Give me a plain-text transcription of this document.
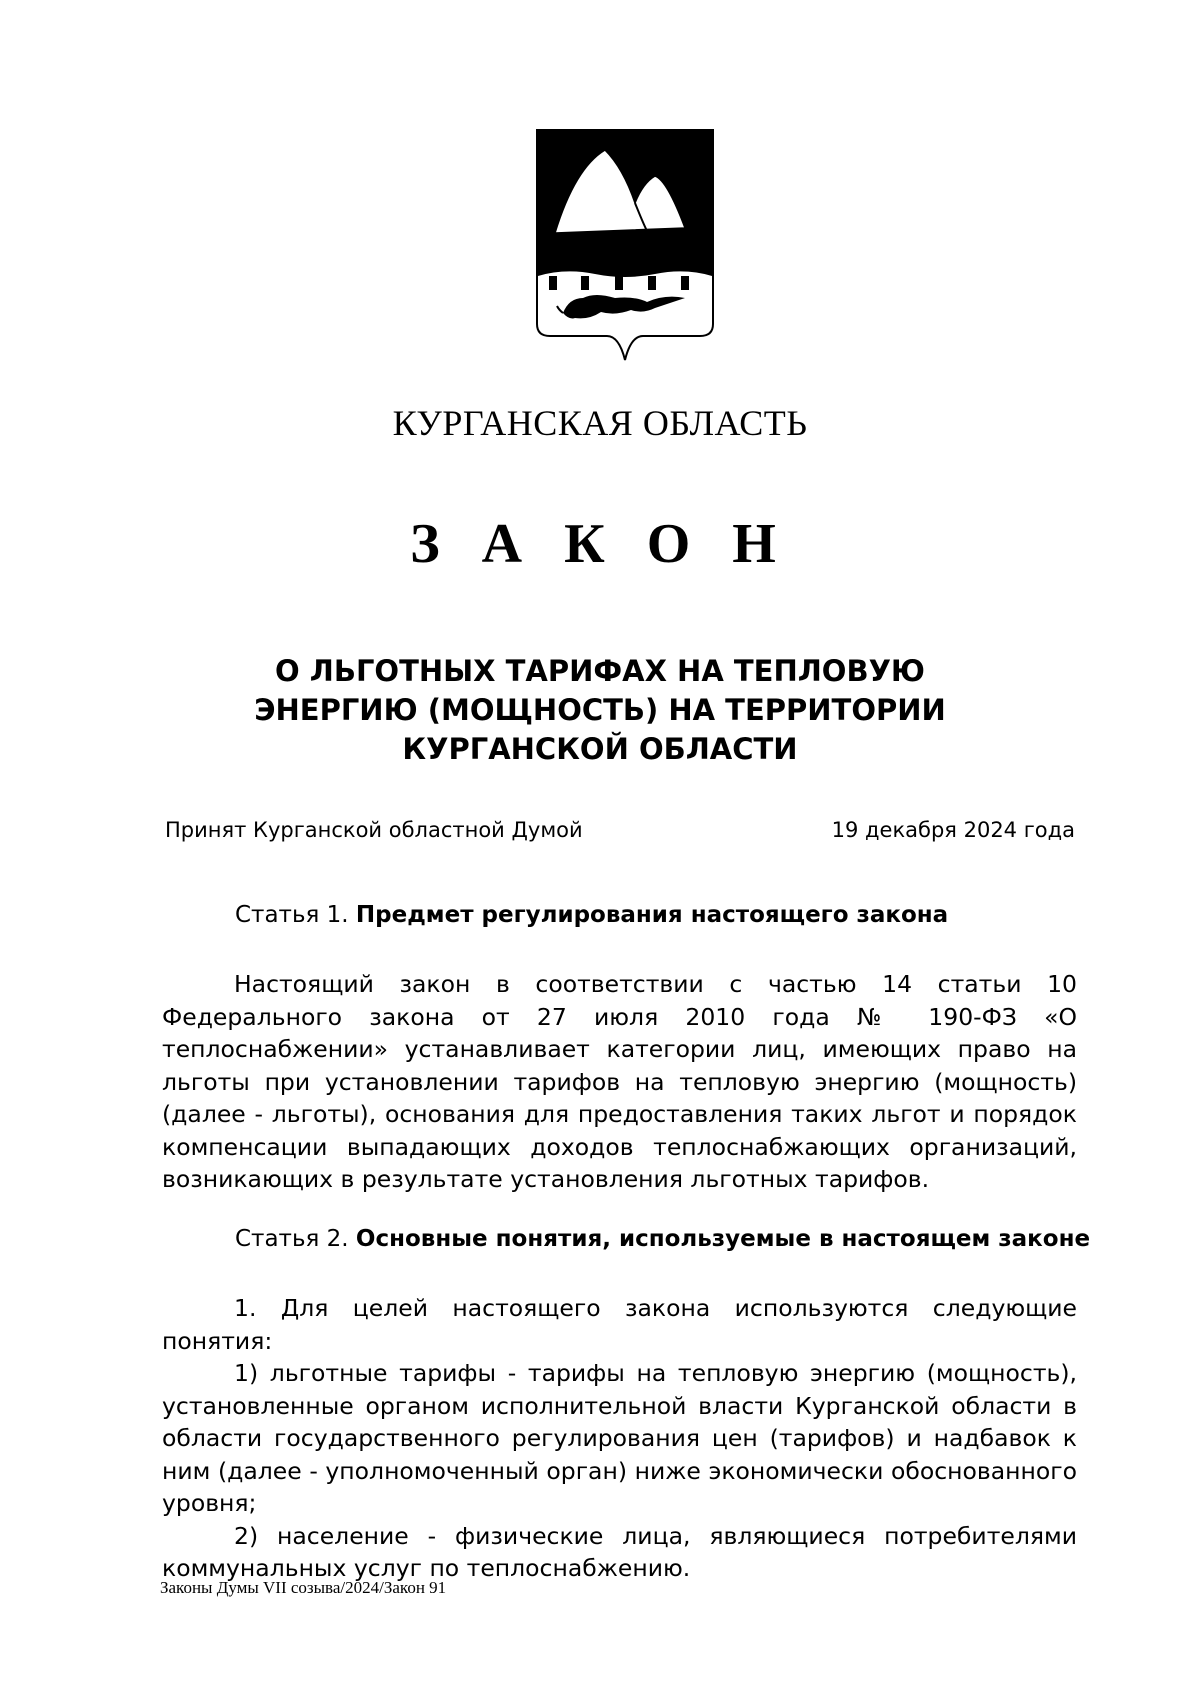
КУРГАНСКАЯ ОБЛАСТЬ
З А К О Н
О ЛЬГОТНЫХ ТАРИФАХ НА ТЕПЛОВУЮ
ЭНЕРГИЮ (МОЩНОСТЬ) НА ТЕРРИТОРИИ
КУРГАНСКОЙ ОБЛАСТИ
Принят Курганской областной Думой	19 декабря 2024 года
Статья 1. Предмет регулирования настоящего закона

Настоящий закон в соответствии с частью 14 статьи 10 Федерального закона от 27 июля 2010 года № 190-ФЗ «О теплоснабжении» устанавливает категории лиц, имеющих право на льготы при установлении тарифов на тепловую энергию (мощность) (далее - льготы), основания для предоставления таких льгот и порядок компенсации выпадающих доходов теплоснабжающих организаций, возникающих в результате установления льготных тарифов.

Статья 2. Основные понятия, используемые в настоящем законе

1. Для целей настоящего закона используются следующие понятия:

1) льготные тарифы - тарифы на тепловую энергию (мощность), установленные органом исполнительной власти Курганской области в области государственного регулирования цен (тарифов) и надбавок к ним (далее - уполномоченный орган) ниже экономически обоснованного уровня;

2) население - физические лица, являющиеся потребителями коммунальных услуг по теплоснабжению.

Законы Думы VII созыва/2024/Закон 91
